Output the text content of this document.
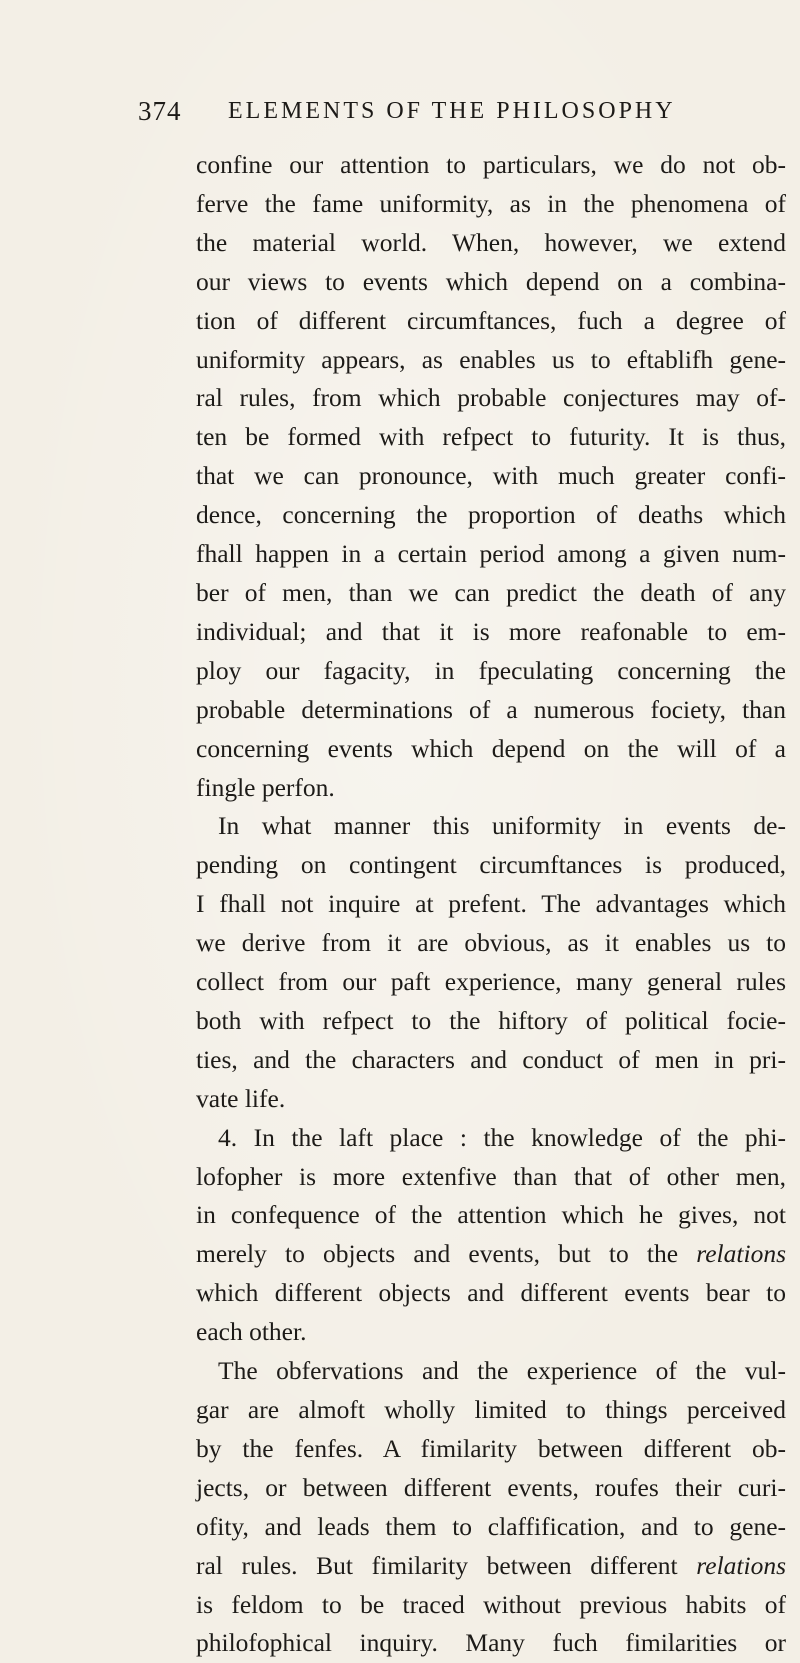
374 ELEMENTS OF THE PHILOSOPHY
confine our attention to particulars, we do not ob-
ferve the fame uniformity, as in the phenomena of
the material world. When, however, we extend
our views to events which depend on a combina-
tion of different circumftances, fuch a degree of
uniformity appears, as enables us to eftablifh gene-
ral rules, from which probable conjectures may of-
ten be formed with refpect to futurity. It is thus,
that we can pronounce, with much greater confi-
dence, concerning the proportion of deaths which
fhall happen in a certain period among a given num-
ber of men, than we can predict the death of any
individual; and that it is more reafonable to em-
ploy our fagacity, in fpeculating concerning the
probable determinations of a numerous fociety, than
concerning events which depend on the will of a
fingle perfon.
In what manner this uniformity in events de-
pending on contingent circumftances is produced,
I fhall not inquire at prefent. The advantages which
we derive from it are obvious, as it enables us to
collect from our paft experience, many general rules
both with refpect to the hiftory of political focie-
ties, and the characters and conduct of men in pri-
vate life.
4. In the laft place : the knowledge of the phi-
lofopher is more extenfive than that of other men,
in confequence of the attention which he gives, not
merely to objects and events, but to the relations
which different objects and different events bear to
each other.
The obfervations and the experience of the vul-
gar are almoft wholly limited to things perceived
by the fenfes. A fimilarity between different ob-
jects, or between different events, roufes their curi-
ofity, and leads them to claffification, and to gene-
ral rules. But fimilarity between different relations
is feldom to be traced without previous habits of
philofophical inquiry. Many fuch fimilarities or
